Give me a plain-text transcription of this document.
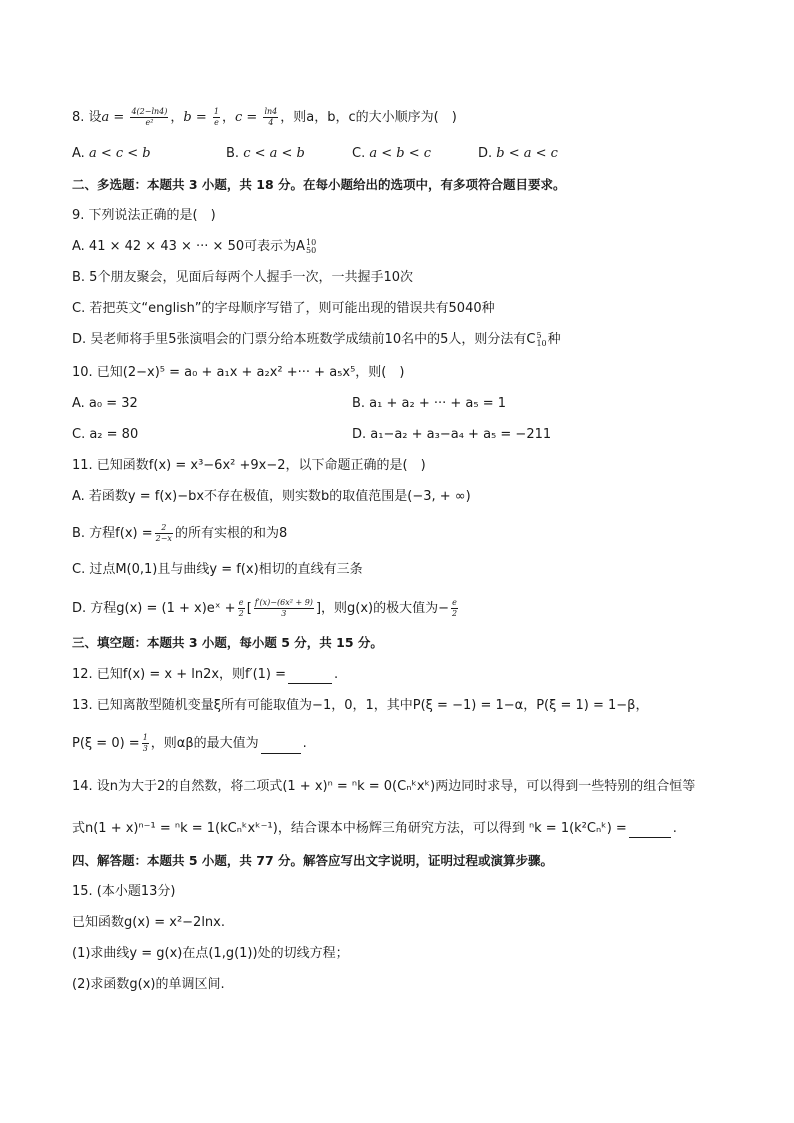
8. 设$a = \frac{4(2-\ln 4)}{\text{e²}}$ ，$b = \frac{1}{e}$ ，$c = \frac{\ln 4}{4}$ ，则a，b，c的大小顺序为(　)
A. a < c < b	B. c < a < b	C. a < b < c	D. b < a < c
二、多选题：本题共 3 小题，共 18 分。在每小题给出的选项中，有多项符合题目要求。
9. 下列说法正确的是(　)
A. 41 × 42 × 43 × ··· × 50可表示为A 10
50
B. 5个朋友聚会，见面后每两个人握手一次，一共握手10次
C. 若把英文“english”的字母顺序写错了，则可能出现的错误共有5040种
D. 吴老师将手里5张演唱会的门票分给本班数学成绩前10名中的5人，则分法有C 5
10 种
10. 已知(2−x)⁵ = a₀ + a₁x + a₂x² +··· + a₅x⁵，则(　)
A. a₀ = 32	B. a₁ + a₂ + ··· + a₅ = 1
C. a₂ = 80	D. a₁−a₂ + a₃−a₄ + a₅ = −211
11. 已知函数f(x) = x³−6x² +9x−2，以下命题正确的是(　)
A. 若函数y = f(x)−bx不存在极值，则实数b的取值范围是(−3, + ∞)
B. 方程$f(x) = \frac{2}{2-x}$ 的所有实根的和为8
C. 过点M(0,1)且与曲线y = f(x)相切的直线有三条
D. 方程g(x) = (1 + x)eˣ + $\frac{e}{2}$ [ $\frac{\text{f′(x)−(6x² + 9)}}{3}$ ]，则g(x)的极大值为− $\frac{e}{2}$
三、填空题：本题共 3 小题，每小题 5 分，共 15 分。
12. 已知f(x) = x + ln2x，则f′(1) =	.
13. 已知离散型随机变量ξ所有可能取值为−1，0，1，其中P(ξ = −1) = 1−α，P(ξ = 1) = 1−β，
$P(\xi = 0) = \frac{1}{3}$ ，则αβ的最大值为	.
14. 设n为大于2的自然数，将二项式(1 + x)ⁿ = ⁿk = 0(Cₙᵏxᵏ)两边同时求导，可以得到一些特别的组合恒等
式n(1 + x)ⁿ⁻¹ = ⁿk = 1(kCₙᵏxᵏ⁻¹)，结合课本中杨辉三角研究方法，可以得到 ⁿk = 1(k²Cₙᵏ) =	.
四、解答题：本题共 5 小题，共 77 分。解答应写出文字说明，证明过程或演算步骤。
15. (本小题13分)
已知函数g(x) = x²−2lnx.
(1)求曲线y = g(x)在点(1,g(1))处的切线方程；
(2)求函数g(x)的单调区间.
